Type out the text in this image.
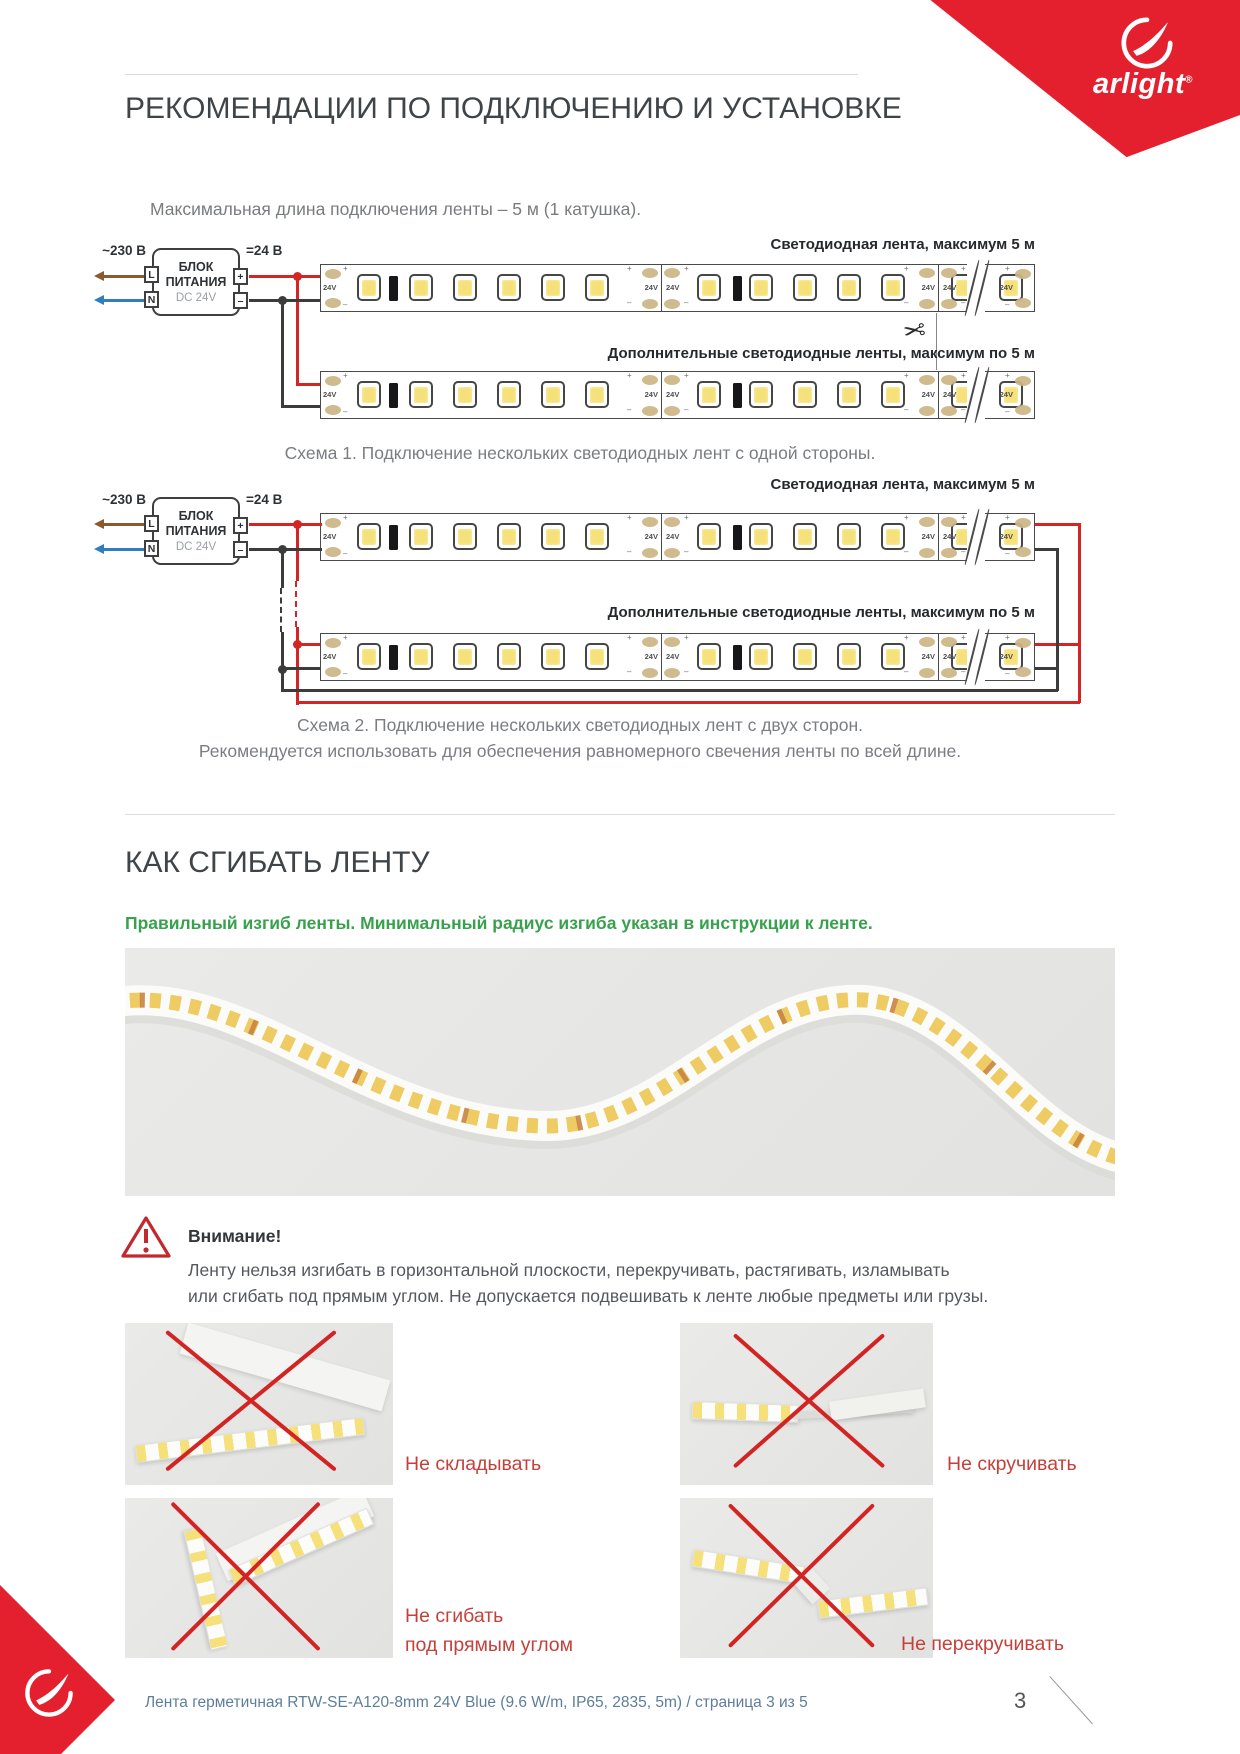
РЕКОМЕНДАЦИИ ПО ПОДКЛЮЧЕНИЮ И УСТАНОВКЕ
arlight®
Максимальная длина подключения ленты – 5 м (1 катушка).
~230 В	=24 В
БЛОК
ПИТАНИЯ
DC 24V
L
N
+
–
Светодиодная лента, максимум 5 м
24V	24V 24V	24V 24V	24V
+
–
+
–
+
–
+
–
+
–
+
–
✂
Дополнительные светодиодные ленты, максимум по 5 м
24V	24V 24V	24V 24V	24V
+
–
+
–
+
–
+
–
+
–
+
–
Схема 1. Подключение нескольких светодиодных лент с одной стороны.
~230 В	=24 В
БЛОК
ПИТАНИЯ
DC 24V
L
N
+
–
Светодиодная лента, максимум 5 м
24V	24V 24V	24V 24V	24V
+
–
+
–
+
–
+
–
+
–
+
–
Дополнительные светодиодные ленты, максимум по 5 м
24V	24V 24V	24V 24V	24V
+
–
+
–
+
–
+
–
+
–
+
–
Схема 2. Подключение нескольких светодиодных лент с двух сторон.
Рекомендуется использовать для обеспечения равномерного свечения ленты по всей длине.
КАК СГИБАТЬ ЛЕНТУ
Правильный изгиб ленты. Минимальный радиус изгиба указан в инструкции к ленте.
Внимание!
Ленту нельзя изгибать в горизонтальной плоскости, перекручивать, растягивать, изламывать
или сгибать под прямым углом. Не допускается подвешивать к ленте любые предметы или грузы.
Не складывать	Не скручивать
Не сгибать
под прямым углом	Не перекручивать
Лента герметичная RTW-SE-A120-8mm 24V Blue (9.6 W/m, IP65, 2835, 5m) / страница 3 из 5	3
